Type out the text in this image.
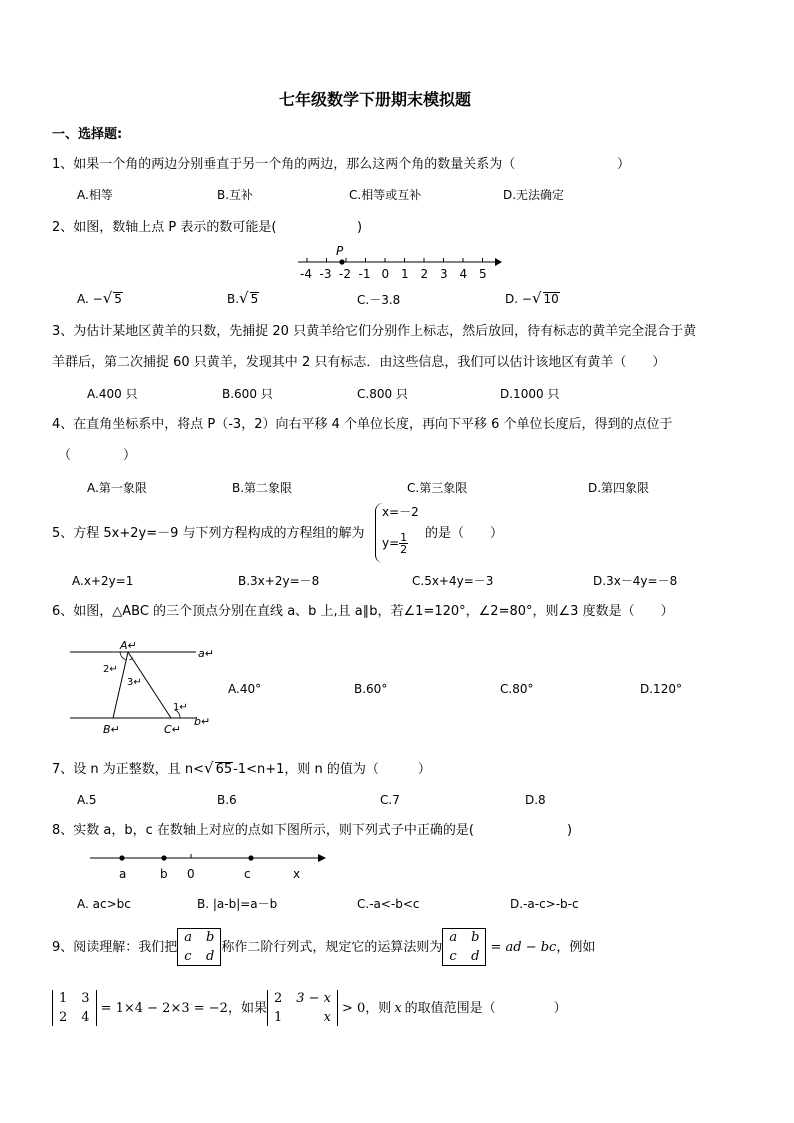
七年级数学下册期末模拟题
一、选择题:
1、如果一个角的两边分别垂直于另一个角的两边，那么这两个角的数量关系为（	）
A.相等	B.互补	C.相等或互补	D.无法确定
2、如图，数轴上点 P 表示的数可能是(	)
-4 -3 -2 -1 0 1 2 3 4 5
P
A. −√ 5	B.√ 5	C.－3.8	D. −√ 10
3、为估计某地区黄羊的只数，先捕捉 20 只黄羊给它们分别作上标志，然后放回，待有标志的黄羊完全混合于黄
羊群后，第二次捕捉 60 只黄羊，发现其中 2 只有标志．由这些信息，我们可以估计该地区有黄羊（　　）
A.400 只	B.600 只	C.800 只	D.1000 只
4、在直角坐标系中，将点 P（-3，2）向右平移 4 个单位长度，再向下平移 6 个单位长度后，得到的点位于
（　　　　）
A.第一象限	B.第二象限	C.第三象限	D.第四象限
5、方程 5x+2y=－9 与下列方程构成的方程组的解为
x=－2
$y= \frac{1}{2}$ 的是（　　）
A.x+2y=1	B.3x+2y=－8	C.5x+4y=－3	D.3x－4y=－8
6、如图，△ABC 的三个顶点分别在直线 a、b 上,且 a∥b，若∠1=120°，∠2=80°，则∠3 度数是（　　）
A↵
B↵	C↵
a↵
b↵
1↵
2↵
3↵	A.40°	B.60°	C.80°	D.120°
7、设 n 为正整数，且 n<√ 65-1<n+1，则 n 的值为（　　　）
A.5	B.6	C.7	D.8
8、实数 a，b，c 在数轴上对应的点如下图所示，则下列式子中正确的是(	)
a	b 0	c	x
A. ac>bc	B. |a-b|=a－b	C.-a<-b<c	D.-a-c>-b-c
9、阅读理解：我们把
a b
c d
称作二阶行列式，规定它的运算法则为
a b
c d
= ad − bc ，例如
1 3
2 4
= 1×4 − 2×3 = −2 ，如果
2 3 − x
1	x
> 0 ，则 x 的取值范围是（	）
